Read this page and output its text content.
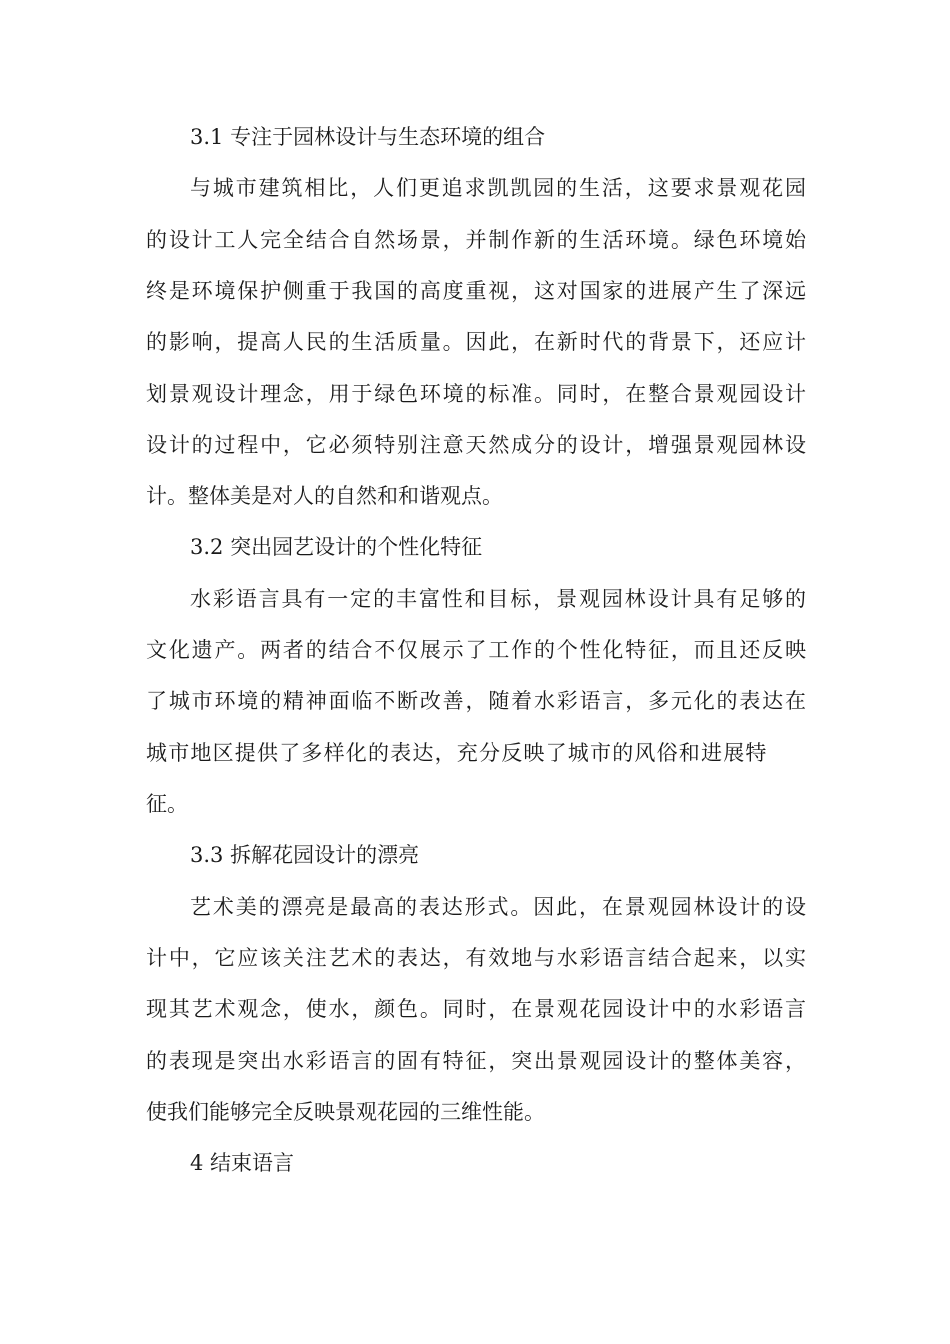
3.1 专注于园林设计与生态环境的组合
与城市建筑相比，人们更追求凯凯园的生活，这要求景观花园
的设计工人完全结合自然场景，并制作新的生活环境。绿色环境始
终是环境保护侧重于我国的高度重视，这对国家的进展产生了深远
的影响，提高人民的生活质量。因此，在新时代的背景下，还应计
划景观设计理念，用于绿色环境的标准。同时，在整合景观园设计
设计的过程中，它必须特别注意天然成分的设计，增强景观园林设
计。整体美是对人的自然和和谐观点。
3.2 突出园艺设计的个性化特征
水彩语言具有一定的丰富性和目标，景观园林设计具有足够的
文化遗产。两者的结合不仅展示了工作的个性化特征，而且还反映
了城市环境的精神面临不断改善，随着水彩语言，多元化的表达在
城市地区提供了多样化的表达，充分反映了城市的风俗和进展特
征。
3.3 拆解花园设计的漂亮
艺术美的漂亮是最高的表达形式。因此，在景观园林设计的设
计中，它应该关注艺术的表达，有效地与水彩语言结合起来，以实
现其艺术观念，使水，颜色。同时，在景观花园设计中的水彩语言
的表现是突出水彩语言的固有特征，突出景观园设计的整体美容，
使我们能够完全反映景观花园的三维性能。
4 结束语言
